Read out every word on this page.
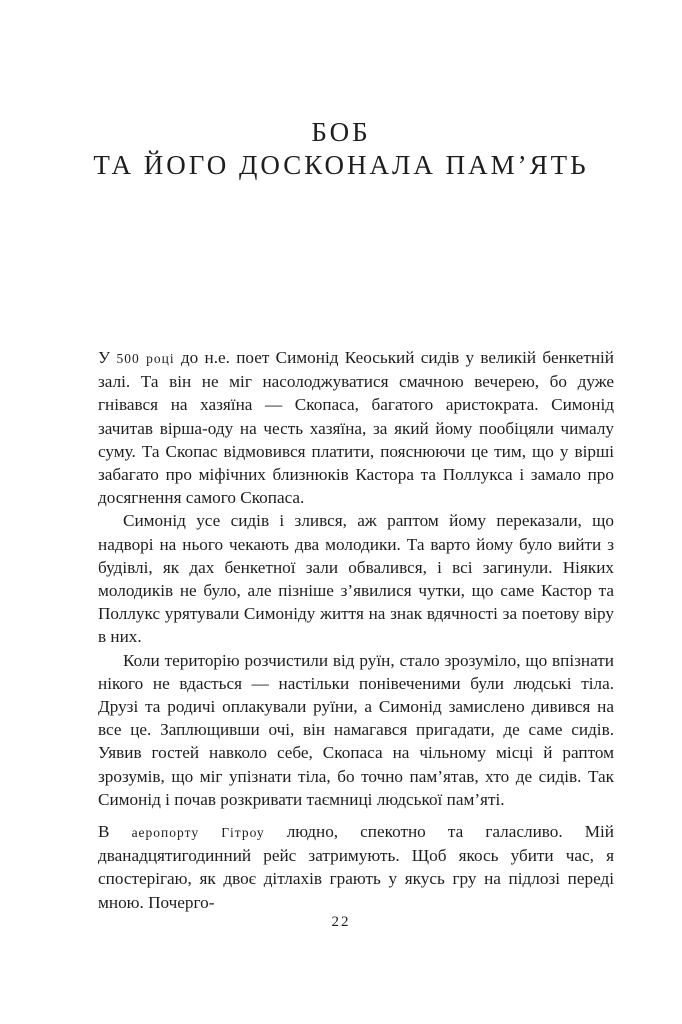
БОБ
ТА ЙОГО ДОСКОНАЛА ПАМ’ЯТЬ

У 500 році до н.е. поет Симонід Кеоський сидів у великій бенкетній залі. Та він не міг насолоджуватися смачною вечерею, бо дуже гнівався на хазяїна — Скопаса, багатого аристократа. Симонід зачитав вірша-оду на честь хазяїна, за який йому пообіцяли чималу суму. Та Скопас відмовився платити, пояснюючи це тим, що у вірші забагато про міфічних близнюків Кастора та Поллукса і замало про досягнення самого Скопаса.

Симонід усе сидів і злився, аж раптом йому переказали, що надворі на нього чекають два молодики. Та варто йому було вийти з будівлі, як дах бенкетної зали обвалився, і всі загинули. Ніяких молодиків не було, але пізніше з’явилися чутки, що саме Кастор та Поллукс урятували Симоніду життя на знак вдячності за поетову віру в них.

Коли територію розчистили від руїн, стало зрозуміло, що впізнати нікого не вдасться — настільки понівеченими були людські тіла. Друзі та родичі оплакували руїни, а Симонід замислено дивився на все це. Заплющивши очі, він намагався пригадати, де саме сидів. Уявив гостей навколо себе, Скопаса на чільному місці й раптом зрозумів, що міг упізнати тіла, бо точно пам’ятав, хто де сидів. Так Симонід і почав розкривати таємниці людської пам’яті.

В аеропорту Гітроу людно, спекотно та галасливо. Мій дванадцятигодинний рейс затримують. Щоб якось убити час, я спостерігаю, як двоє дітлахів грають у якусь гру на підлозі переді мною. Почерго-

22
